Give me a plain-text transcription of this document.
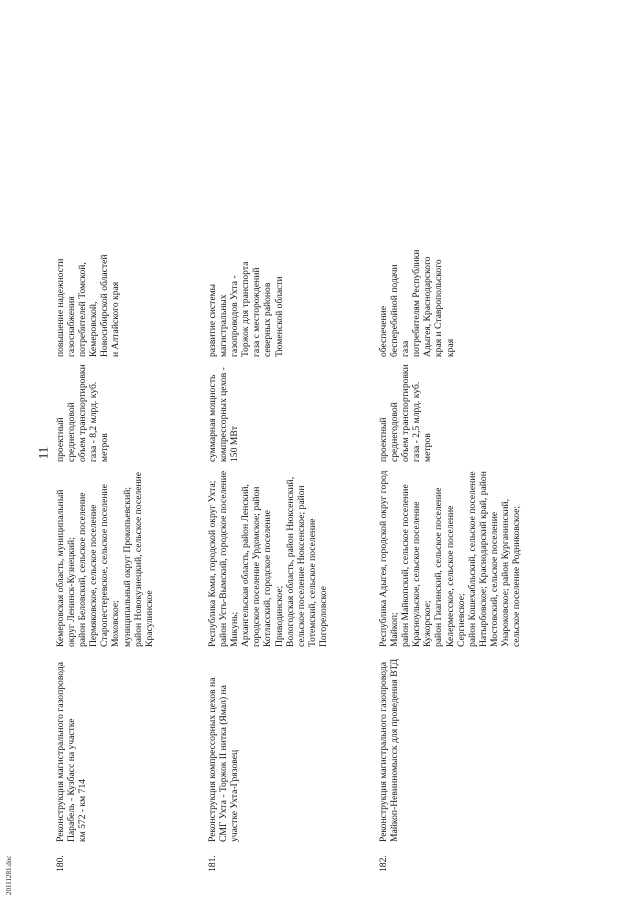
11
180.
Реконструкция магистрального газопровода
Парабель - Кузбасс на участке
км 572 - км 714
Кемеровская область, муниципальный
округ Ленинск-Кузнецкий;
район Беловский, сельское поселение
Пермяковское, сельское поселение
Старопестеревское, сельское поселение
Моховское;
муниципальный округ Прокопьевский;
район Новокузнецкий, сельское поселение
Красулинское
проектный среднегодовой
объем транспортировки
газа - 8,2 млрд. куб.
метров
повышение надежности
газоснабжения
потребителей Томской,
Кемеровской,
Новосибирской областей
и Алтайского края
181.
Реконструкция компрессорных цехов на
СМГ Ухта - Торжок II нитка (Ямал) на
участке Ухта-Грязовец
Республика Коми, городской округ Ухта;
район Усть-Вымский, городское поселение
Микунь;
Архангельская область, район Ленский,
городское поселение Урдомское; район
Котласский, городское поселение
Приводинское;
Вологодская область, район Нюксенский,
сельское поселение Нюксенское; район
Тотемский, сельское поселение
Погореловское
суммарная мощность
компрессорных цехов -
150 МВт
развитие системы
магистральных
газопроводов Ухта -
Торжок для транспорта
газа с месторождений
северных районов
Тюменской области
182.
Реконструкция магистрального газопровода
Майкоп-Невинномысск для проведения ВТД
Республика Адыгея, городской округ город
Майкоп;
район Майкопский, сельское поселение
Красноульское, сельское поселение
Кужорское;
район Гиагинский, сельское поселение
Келермесское, сельское поселение
Сергиевское;
район Кошехабльский, сельское поселение
Натырбовское; Краснодарский край, район
Мостовский, сельское поселение
Унароковское; район Курганинский,
сельское поселение Родниковское;
проектный среднегодовой
объем транспортировки
газа - 2,5 млрд. куб.
метров
обеспечение
бесперебойной подачи газа
потребителям Республики
Адыгея, Краснодарского
края и Ставропольского
края
20111281.doc
